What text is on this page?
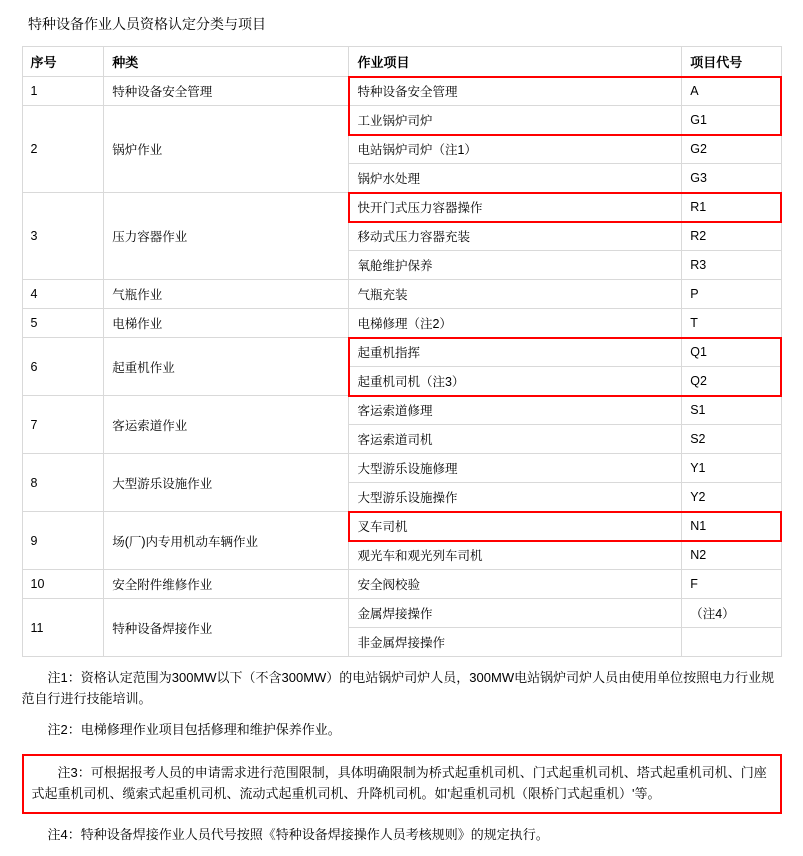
特种设备作业人员资格认定分类与项目
序号	种类	作业项目	项目代号
1	特种设备安全管理	特种设备安全管理	A
2	锅炉作业	工业锅炉司炉	G1
		电站锅炉司炉（注1）	G2
		锅炉水处理	G3
3	压力容器作业	快开门式压力容器操作	R1
		移动式压力容器充装	R2
		氧舱维护保养	R3
4	气瓶作业	气瓶充装	P
5	电梯作业	电梯修理（注2）	T
6	起重机作业	起重机指挥	Q1
		起重机司机（注3）	Q2
7	客运索道作业	客运索道修理	S1
		客运索道司机	S2
8	大型游乐设施作业	大型游乐设施修理	Y1
		大型游乐设施操作	Y2
9	场(厂)内专用机动车辆作业	叉车司机	N1
		观光车和观光列车司机	N2
10	安全附件维修作业	安全阀校验	F
11	特种设备焊接作业	金属焊接操作	（注4）
		非金属焊接操作	

注1：资格认定范围为300MW以下（不含300MW）的电站锅炉司炉人员，300MW电站锅炉司炉人员由使用单位按照电力行业规范自行进行技能培训。

注2：电梯修理作业项目包括修理和维护保养作业。

注3：可根据报考人员的申请需求进行范围限制，具体明确限制为桥式起重机司机、门式起重机司机、塔式起重机司机、门座式起重机司机、缆索式起重机司机、流动式起重机司机、升降机司机。如'起重机司机（限桥门式起重机）'等。

注4：特种设备焊接作业人员代号按照《特种设备焊接操作人员考核规则》的规定执行。
